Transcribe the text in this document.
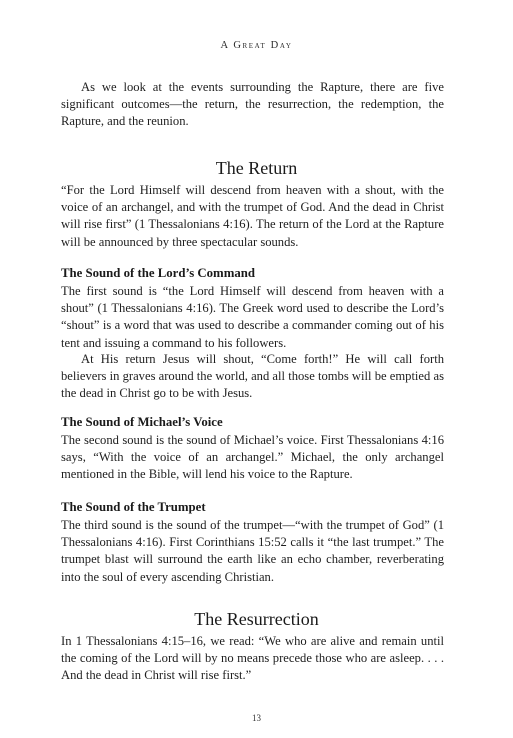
A Great Day

As we look at the events surrounding the Rapture, there are five significant outcomes—the return, the resurrection, the redemption, the Rapture, and the reunion.

The Return

“For the Lord Himself will descend from heaven with a shout, with the voice of an archangel, and with the trumpet of God. And the dead in Christ will rise first” (1 Thessalonians 4:16). The return of the Lord at the Rapture will be announced by three spectacular sounds.

The Sound of the Lord’s Command

The first sound is “the Lord Himself will descend from heaven with a shout” (1 Thessalonians 4:16). The Greek word used to describe the Lord’s “shout” is a word that was used to describe a commander coming out of his tent and issuing a command to his followers.

At His return Jesus will shout, “Come forth!” He will call forth believers in graves around the world, and all those tombs will be emptied as the dead in Christ go to be with Jesus.

The Sound of Michael’s Voice

The second sound is the sound of Michael’s voice. First Thessalonians 4:16 says, “With the voice of an archangel.” Michael, the only archangel mentioned in the Bible, will lend his voice to the Rapture.

The Sound of the Trumpet

The third sound is the sound of the trumpet—“with the trumpet of God” (1 Thessalonians 4:16). First Corinthians 15:52 calls it “the last trumpet.” The trumpet blast will surround the earth like an echo chamber, reverberating into the soul of every ascending Christian.

The Resurrection

In 1 Thessalonians 4:15–16, we read: “We who are alive and remain until the coming of the Lord will by no means precede those who are asleep. . . . And the dead in Christ will rise first.”

13
